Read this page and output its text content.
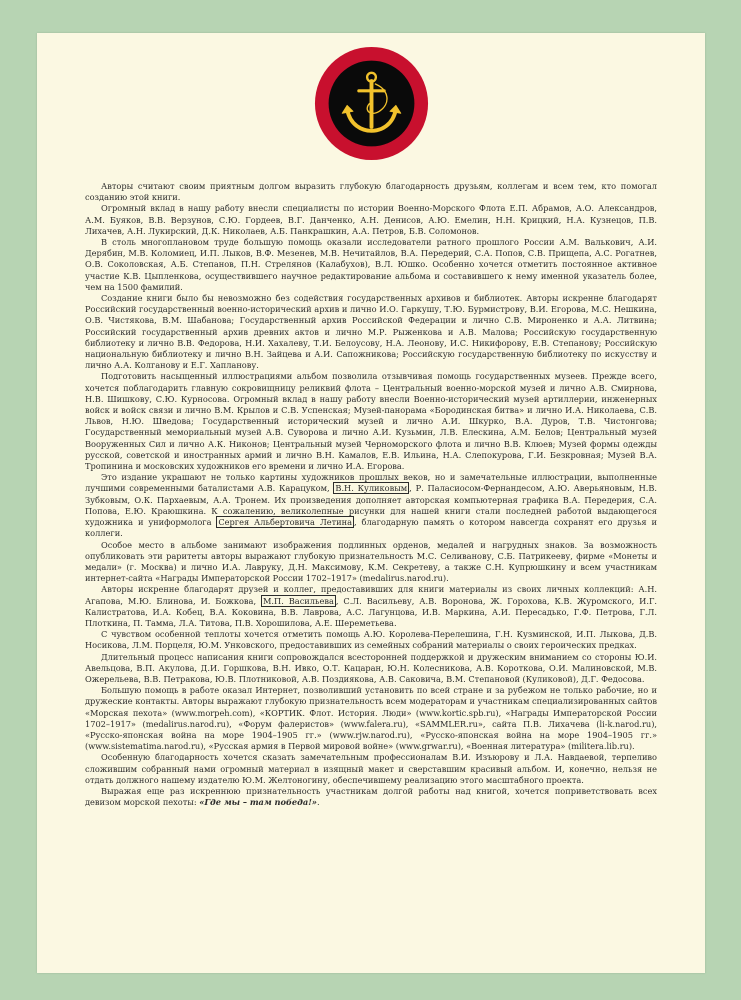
Авторы считают своим приятным долгом выразить глубокую благодарность друзьям, коллегам и всем тем, кто помогал созданию этой книги.

Огромный вклад в нашу работу внесли специалисты по истории Военно-Морского Флота Е.П. Абрамов, А.О. Александров, А.М. Буяков, В.В. Верзунов, С.Ю. Гордеев, В.Г. Данченко, А.Н. Денисов, А.Ю. Емелин, Н.Н. Крицкий, Н.А. Кузнецов, П.В. Лихачев, А.Н. Лукирский, Д.К. Николаев, А.Б. Панкрашкин, А.А. Петров, Б.В. Соломонов.

В столь многоплановом труде большую помощь оказали исследователи ратного прошлого России А.М. Валькович, А.И. Дерябин, М.В. Коломиец, И.П. Лыков, В.Ф. Мезенев, М.В. Нечитайлов, В.А. Передерий, С.А. Попов, С.В. Прищепа, А.С. Рогатнев, О.В. Соколовская, А.Б. Степанов, П.Н. Стрелянов (Калабухов), В.Л. Юшко. Особенно хочется отметить постоянное активное участие К.В. Цыпленкова, осуществившего научное редактирование альбома и составившего к нему именной указатель более, чем на 1500 фамилий.

Создание книги было бы невозможно без содействия государственных архивов и библиотек. Авторы искренне благодарят Российский государственный военно-исторический архив и лично И.О. Гаркушу, Т.Ю. Бурмистрову, В.И. Егорова, М.С. Нешкина, О.В. Чистякова, В.М. Шабанова; Государственный архив Российской Федерации и лично С.В. Мироненко и А.А. Литвина; Российский государственный архив древних актов и лично М.Р. Рыженкова и А.В. Малова; Российскую государственную библиотеку и лично В.В. Федорова, Н.И. Хахалеву, Т.И. Белоусову, Н.А. Леонову, И.С. Никифорову, Е.В. Степанову; Российскую национальную библиотеку и лично В.Н. Зайцева и А.И. Сапожникова; Российскую государственную библиотеку по искусству и лично А.А. Колганову и Е.Г. Хапланову.

Подготовить насыщенный иллюстрациями альбом позволила отзывчивая помощь государственных музеев. Прежде всего, хочется поблагодарить главную сокровищницу реликвий флота – Центральный военно-морской музей и лично А.В. Смирнова, Н.В. Шишкову, С.Ю. Курносова. Огромный вклад в нашу работу внесли Военно-исторический музей артиллерии, инженерных войск и войск связи и лично В.М. Крылов и С.В. Успенская; Музей-панорама «Бородинская битва» и лично И.А. Николаева, С.В. Львов, Н.Ю. Шведова; Государственный исторический музей и лично А.И. Шкурко, В.А. Дуров, Т.В. Чистонгова; Государственный мемориальный музей А.В. Суворова и лично А.И. Кузьмин, Л.В. Елескина, А.М. Белов; Центральный музей Вооруженных Сил и лично А.К. Никонов; Центральный музей Черноморского флота и лично В.В. Клюев; Музей формы одежды русской, советской и иностранных армий и лично В.Н. Камалов, Е.В. Ильина, Н.А. Слепокурова, Г.И. Безкровная; Музей В.А. Тропинина и московских художников его времени и лично И.А. Егорова.

Это издание украшают не только картины художников прошлых веков, но и замечательные иллюстрации, выполненные лучшими современными баталистами А.В. Карацуком, В.Н. Куликовым , Р. Паласиосом-Фернандесом, А.Ю. Аверьяновым, Н.В. Зубковым, О.К. Пархаевым, А.А. Тронем. Их произведения дополняет авторская компьютерная графика В.А. Передерия, С.А. Попова, Е.Ю. Краюшкина. К сожалению, великолепные рисунки для нашей книги стали последней работой выдающегося художника и униформолога Сергея Альбертовича Летина , благодарную память о котором навсегда сохранят его друзья и коллеги.

Особое место в альбоме занимают изображения подлинных орденов, медалей и нагрудных знаков. За возможность опубликовать эти раритеты авторы выражают глубокую признательность М.С. Селиванову, С.Б. Патрикееву, фирме «Монеты и медали» (г. Москва) и лично И.А. Лавруку, Д.Н. Максимову, К.М. Секретеву, а также С.Н. Купрюшкину и всем участникам интернет-сайта «Награды Императорской России 1702–1917» (medalirus.narod.ru).

Авторы искренне благодарят друзей и коллег, предоставивших для книги материалы из своих личных коллекций: А.Н. Агапова, М.Ю. Блинова, И. Божкова, М.П. Васильева , С.Л. Васильеву, А.В. Воронова, Ж. Горохова, К.В. Журомского, И.Г. Калистратова, И.А. Кобец, В.А. Коковина, В.В. Лаврова, А.С. Лагунцова, И.В. Маркина, А.И. Пересадько, Г.Ф. Петрова, Г.Л. Плоткина, П. Тамма, Л.А. Титова, П.В. Хорошилова, А.Е. Шереметьева.

С чувством особенной теплоты хочется отметить помощь А.Ю. Королева-Перелешина, Г.Н. Кузминской, И.П. Лыкова, Д.В. Носикова, Л.М. Порцеля, Ю.М. Унковского, предоставивших из семейных собраний материалы о своих героических предках.

Длительный процесс написания книги сопровождался всесторонней поддержкой и дружеским вниманием со стороны Ю.И. Авельцова, В.П. Акулова, Д.И. Горшкова, В.Н. Ивко, О.Т. Кацаран, Ю.Н. Колесникова, А.В. Короткова, О.И. Малиновской, М.В. Ожерельева, В.В. Петракова, Ю.В. Плотниковой, А.В. Поздиякова, А.В. Саковича, В.М. Степановой (Куликовой), Д.Г. Федосова.

Большую помощь в работе оказал Интернет, позволивший установить по всей стране и за рубежом не только рабочие, но и дружеские контакты. Авторы выражают глубокую признательность всем модераторам и участникам специализированных сайтов «Морская пехота» (www.morpeh.com), «КОРТИК. Флот. История. Люди» (www.kortic.spb.ru), «Награды Императорской России 1702–1917» (medalirus.narod.ru), «Форум фалеристов» (www.falera.ru), «SAMMLER.ru», сайта П.В. Лихачева (li-k.narod.ru), «Русско-японская война на море 1904–1905 гг.» (www.rjw.narod.ru), «Русско-японская война на море 1904–1905 гг.» (www.sistematima.narod.ru), «Русская армия в Первой мировой войне» (www.grwar.ru), «Военная литература» (militera.lib.ru).

Особенную благодарность хочется сказать замечательным профессионалам В.И. Изъюрову и Л.А. Навдаевой, терпеливо сложившим собранный нами огромный материал в изящный макет и сверставшим красивый альбом. И, конечно, нельзя не отдать должного нашему издателю Ю.М. Желтоногину, обеспечившему реализацию этого масштабного проекта.

Выражая еще раз искреннюю признательность участникам долгой работы над книгой, хочется поприветствовать всех девизом морской пехоты: «Где мы – там победа!».
